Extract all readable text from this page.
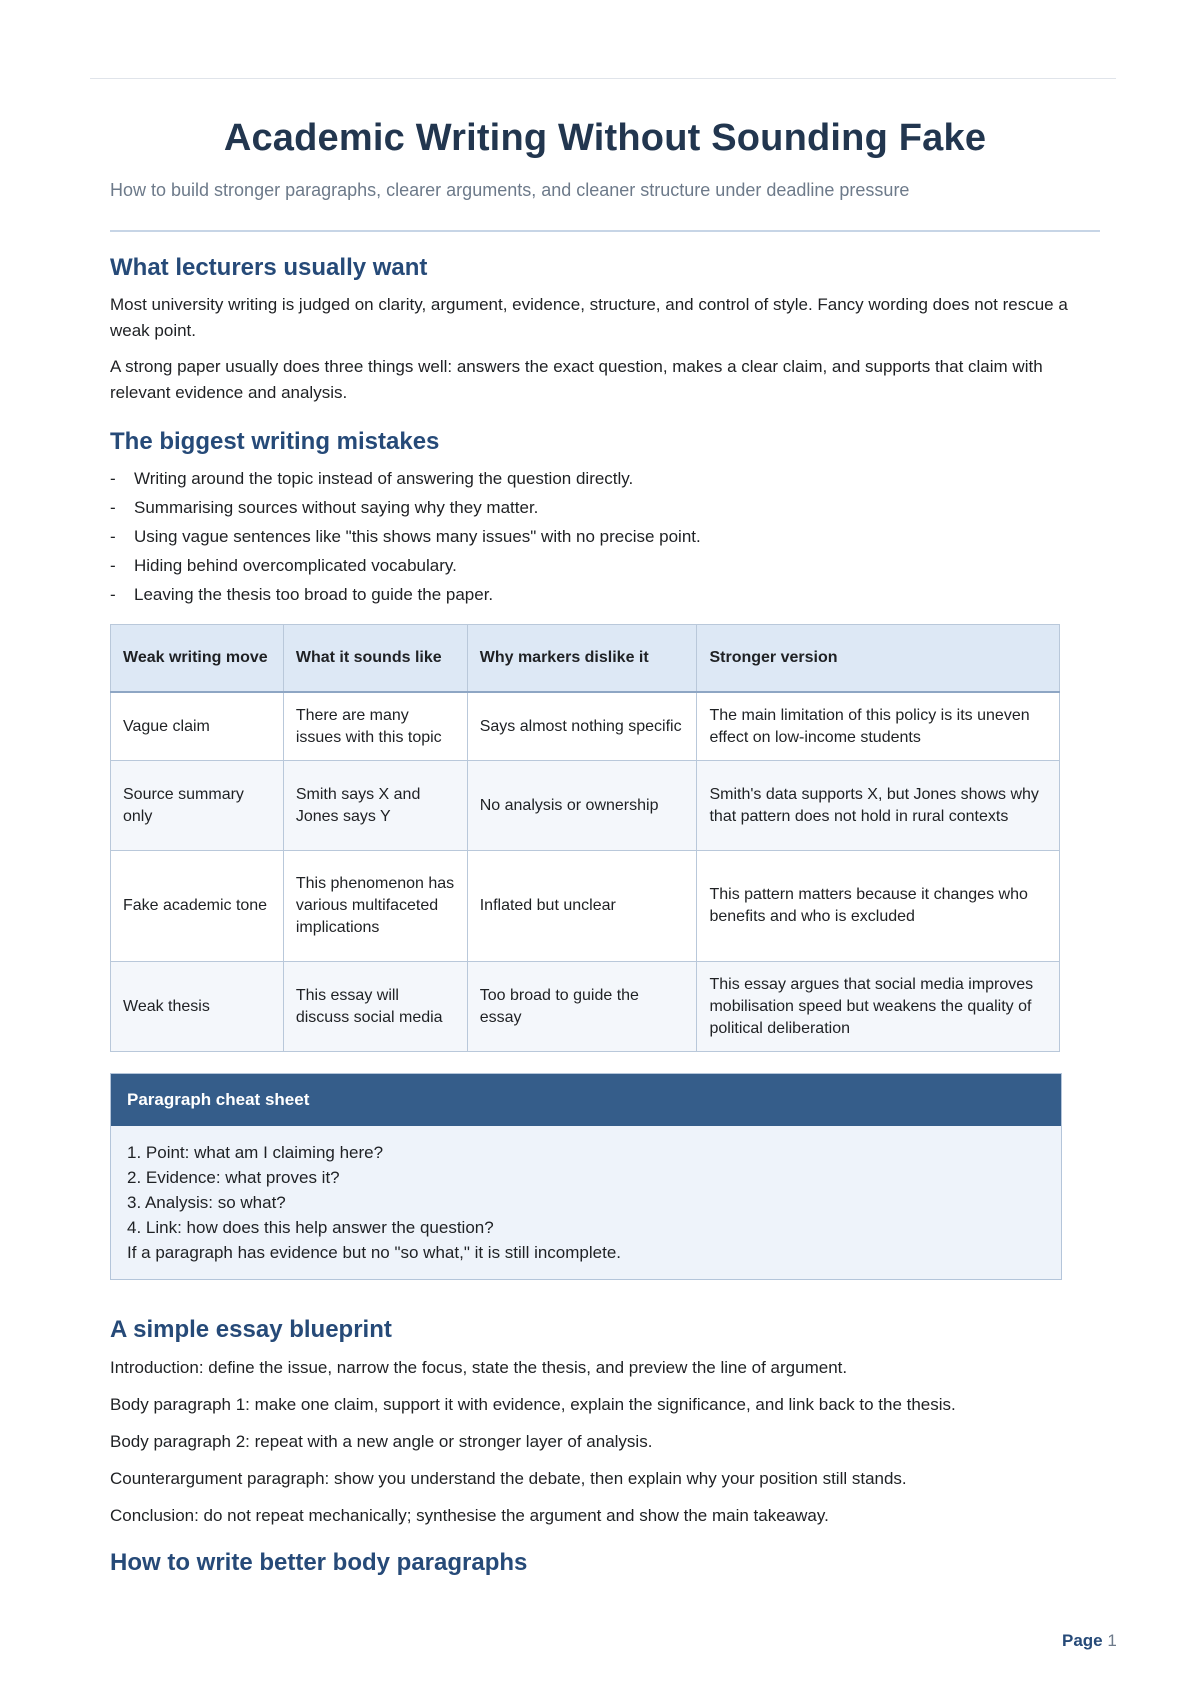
Academic Writing Without Sounding Fake
How to build stronger paragraphs, clearer arguments, and cleaner structure under deadline pressure
What lecturers usually want

Most university writing is judged on clarity, argument, evidence, structure, and control of style. Fancy wording does not rescue a weak point.

A strong paper usually does three things well: answers the exact question, makes a clear claim, and supports that claim with relevant evidence and analysis.

The biggest writing mistakes
- Writing around the topic instead of answering the question directly.
- Summarising sources without saying why they matter.
- Using vague sentences like "this shows many issues" with no precise point.
- Hiding behind overcomplicated vocabulary.
- Leaving the thesis too broad to guide the paper.
Weak writing move	What it sounds like	Why markers dislike it	Stronger version
Vague claim	There are many issues with this topic	Says almost nothing specific	The main limitation of this policy is its uneven effect on low-income students
Source summary only	Smith says X and Jones says Y	No analysis or ownership	Smith's data supports X, but Jones shows why that pattern does not hold in rural contexts
Fake academic tone	This phenomenon has various multifaceted implications	Inflated but unclear	This pattern matters because it changes who benefits and who is excluded
Weak thesis	This essay will discuss social media	Too broad to guide the essay	This essay argues that social media improves mobilisation speed but weakens the quality of political deliberation
Paragraph cheat sheet
1. Point: what am I claiming here?
2. Evidence: what proves it?
3. Analysis: so what?
4. Link: how does this help answer the question?
If a paragraph has evidence but no "so what," it is still incomplete.
A simple essay blueprint

Introduction: define the issue, narrow the focus, state the thesis, and preview the line of argument.

Body paragraph 1: make one claim, support it with evidence, explain the significance, and link back to the thesis.

Body paragraph 2: repeat with a new angle or stronger layer of analysis.

Counterargument paragraph: show you understand the debate, then explain why your position still stands.

Conclusion: do not repeat mechanically; synthesise the argument and show the main takeaway.

How to write better body paragraphs
Page 1
